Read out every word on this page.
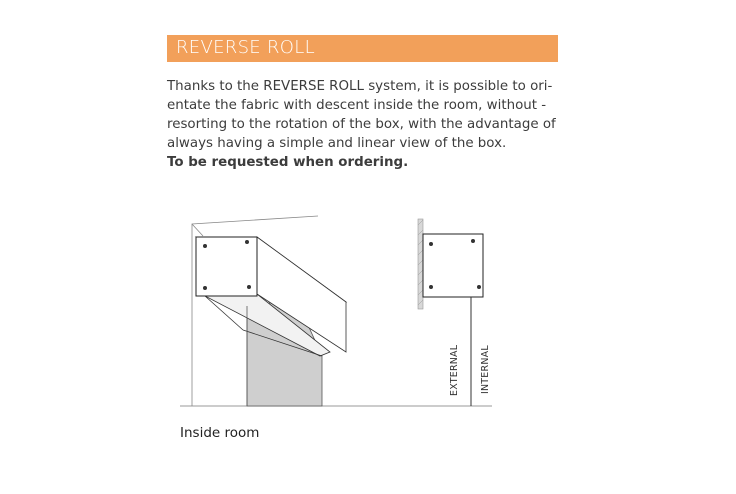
REVERSE ROLL
Thanks to the REVERSE ROLL system, it is possible to ori-
entate the fabric with descent inside the room, without -
resorting to the rotation of the box, with the advantage of
always having a simple and linear view of the box.
To be requested when ordering.
EXTERNAL INTERNAL
Inside room
